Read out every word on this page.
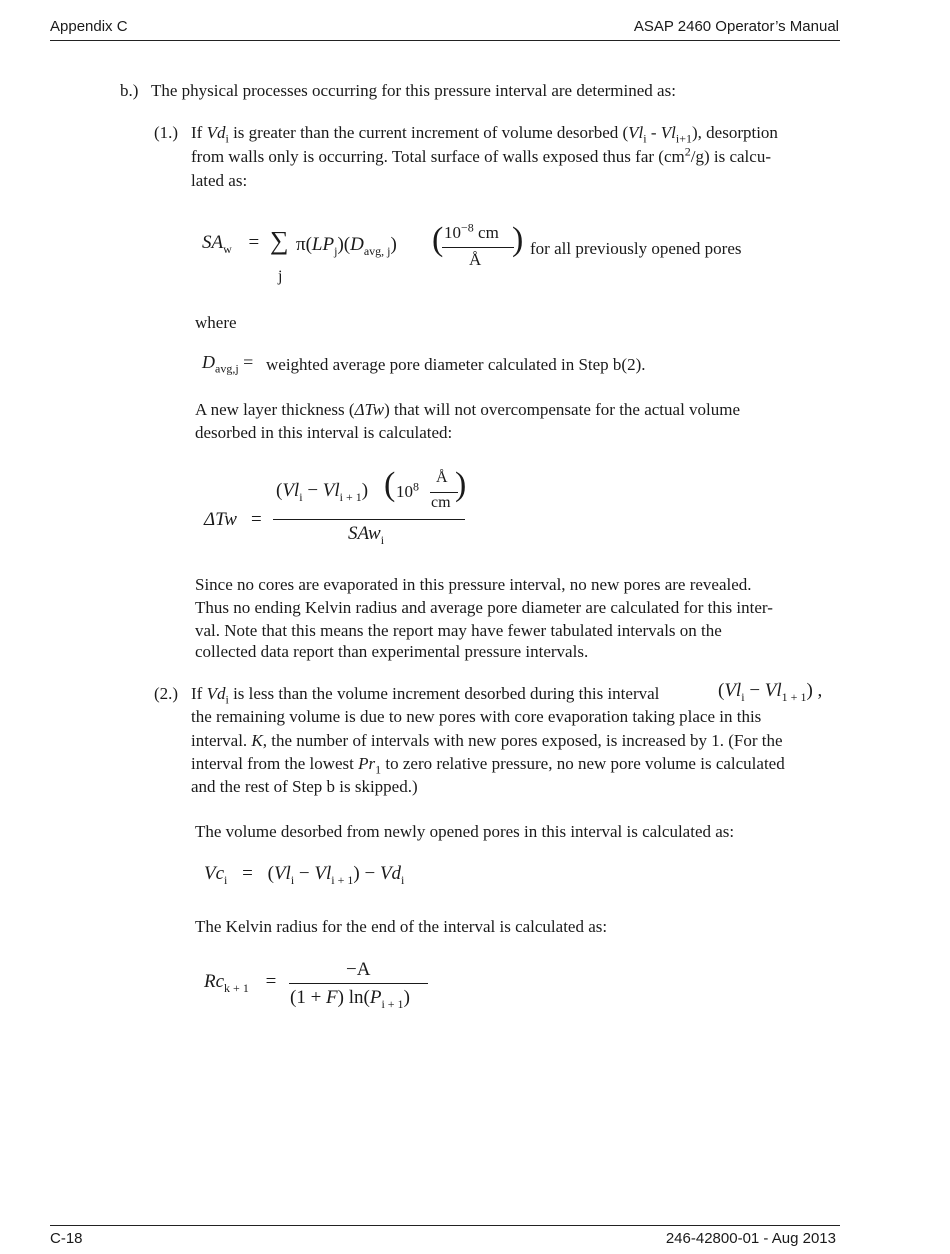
Appendix C	ASAP 2460 Operator’s Manual
b.) The physical processes occurring for this pressure interval are determined as:
(1.) If $Vd_i$ is greater than the current increment of volume desorbed $(Vl_i - Vl_{i+1})$, desorption
from walls only is occurring. Total surface of walls exposed thus far $(cm^2/g)$ is calcu-
lated as:
$SA_w$ = ∑
j
$\pi(LP_j)(D_{avg, j})$ ( $10^{-8}$ cm
Å
) for all previously opened pores
where
$D_{avg,j}$ = weighted average pore diameter calculated in Step b(2).
A new layer thickness (ΔTw) that will not overcompensate for the actual volume
desorbed in this interval is calculated:
ΔTw =
$(Vl_i - Vl_{i + 1})$ ( $10^8$
Å
cm )
SAw$_i$
Since no cores are evaporated in this pressure interval, no new pores are revealed.
Thus no ending Kelvin radius and average pore diameter are calculated for this inter-
val. Note that this means the report may have fewer tabulated intervals on the
collected data report than experimental pressure intervals.
(2.) If $Vd_i$ is less than the volume increment desorbed during this interval	$(Vl_i - Vl_{1 + 1})$ ,
the remaining volume is due to new pores with core evaporation taking place in this
interval. K, the number of intervals with new pores exposed, is increased by 1. (For the
interval from the lowest $Pr_1$ to zero relative pressure, no new pore volume is calculated
and the rest of Step b is skipped.)
The volume desorbed from newly opened pores in this interval is calculated as:
$Vc_i = (Vl_i - Vl_{i + 1}) - Vd_i$
The Kelvin radius for the end of the interval is calculated as:
$Rc_{k + 1}$ =
−A
(1 + F) $\ln(P_{i + 1})$
C-18	246-42800-01 - Aug 2013
